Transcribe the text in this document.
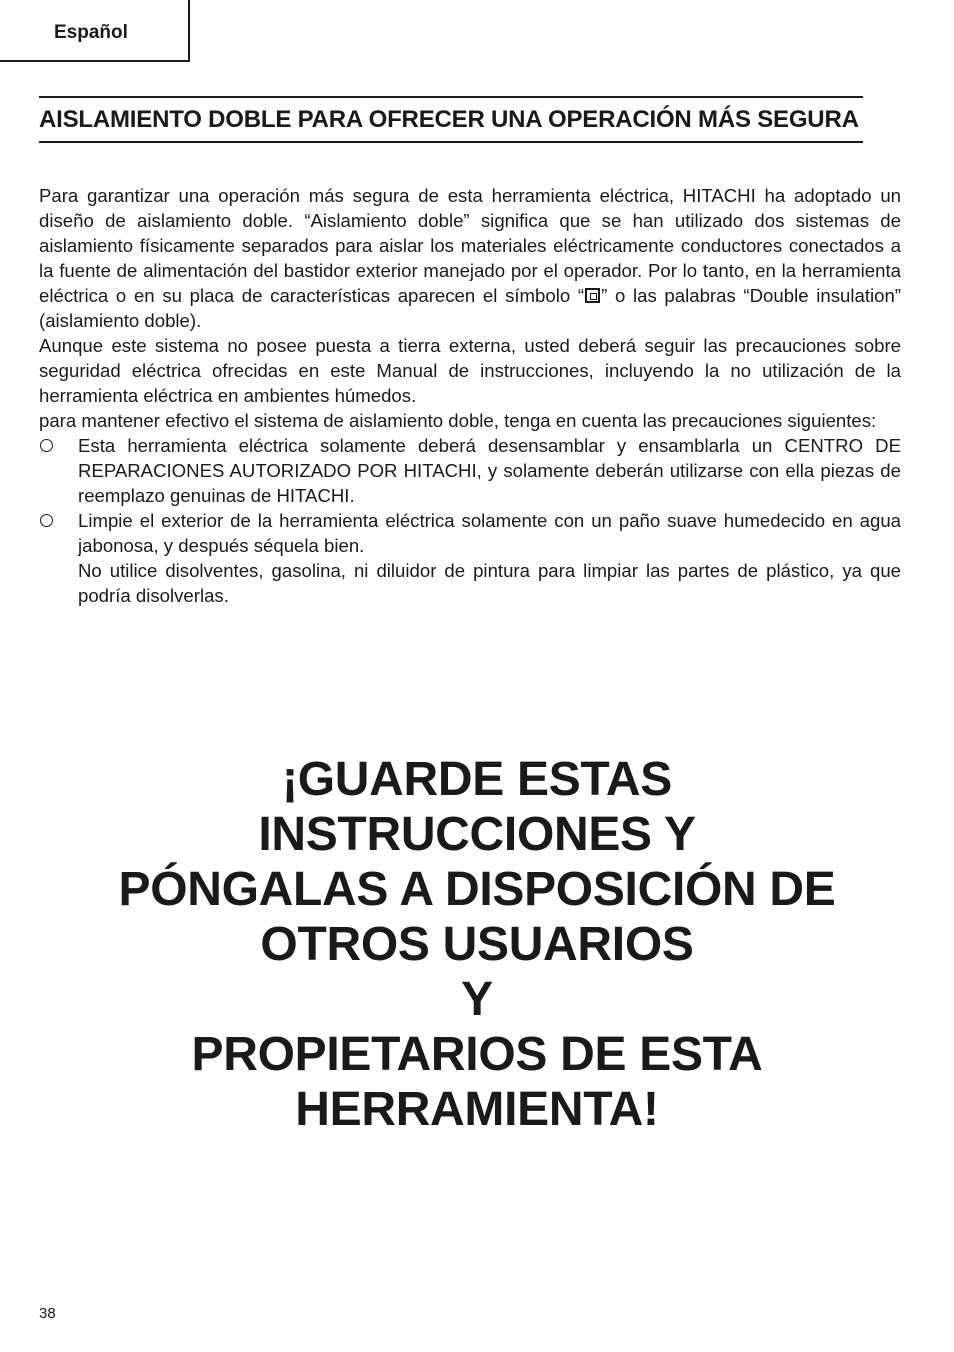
Español
AISLAMIENTO DOBLE PARA OFRECER UNA OPERACIÓN MÁS SEGURA

Para garantizar una operación más segura de esta herramienta eléctrica, HITACHI ha adoptado un diseño de aislamiento doble. “Aislamiento doble” significa que se han utilizado dos sistemas de aislamiento físicamente separados para aislar los materiales eléctricamente conductores conectados a la fuente de alimentación del bastidor exterior manejado por el operador. Por lo tanto, en la herramienta eléctrica o en su placa de características aparecen el símbolo “ ” o las palabras “Double insulation” (aislamiento doble).

Aunque este sistema no posee puesta a tierra externa, usted deberá seguir las precauciones sobre seguridad eléctrica ofrecidas en este Manual de instrucciones, incluyendo la no utilización de la herramienta eléctrica en ambientes húmedos.

para mantener efectivo el sistema de aislamiento doble, tenga en cuenta las precauciones siguientes:

Esta herramienta eléctrica solamente deberá desensamblar y ensamblarla un CENTRO DE REPARACIONES AUTORIZADO POR HITACHI, y solamente deberán utilizarse con ella piezas de reemplazo genuinas de HITACHI.

Limpie el exterior de la herramienta eléctrica solamente con un paño suave humedecido en agua jabonosa, y después séquela bien.

No utilice disolventes, gasolina, ni diluidor de pintura para limpiar las partes de plástico, ya que podría disolverlas.

¡GUARDE ESTAS
INSTRUCCIONES Y
PÓNGALAS A DISPOSICIÓN DE
OTROS USUARIOS
Y
PROPIETARIOS DE ESTA
HERRAMIENTA!
38
